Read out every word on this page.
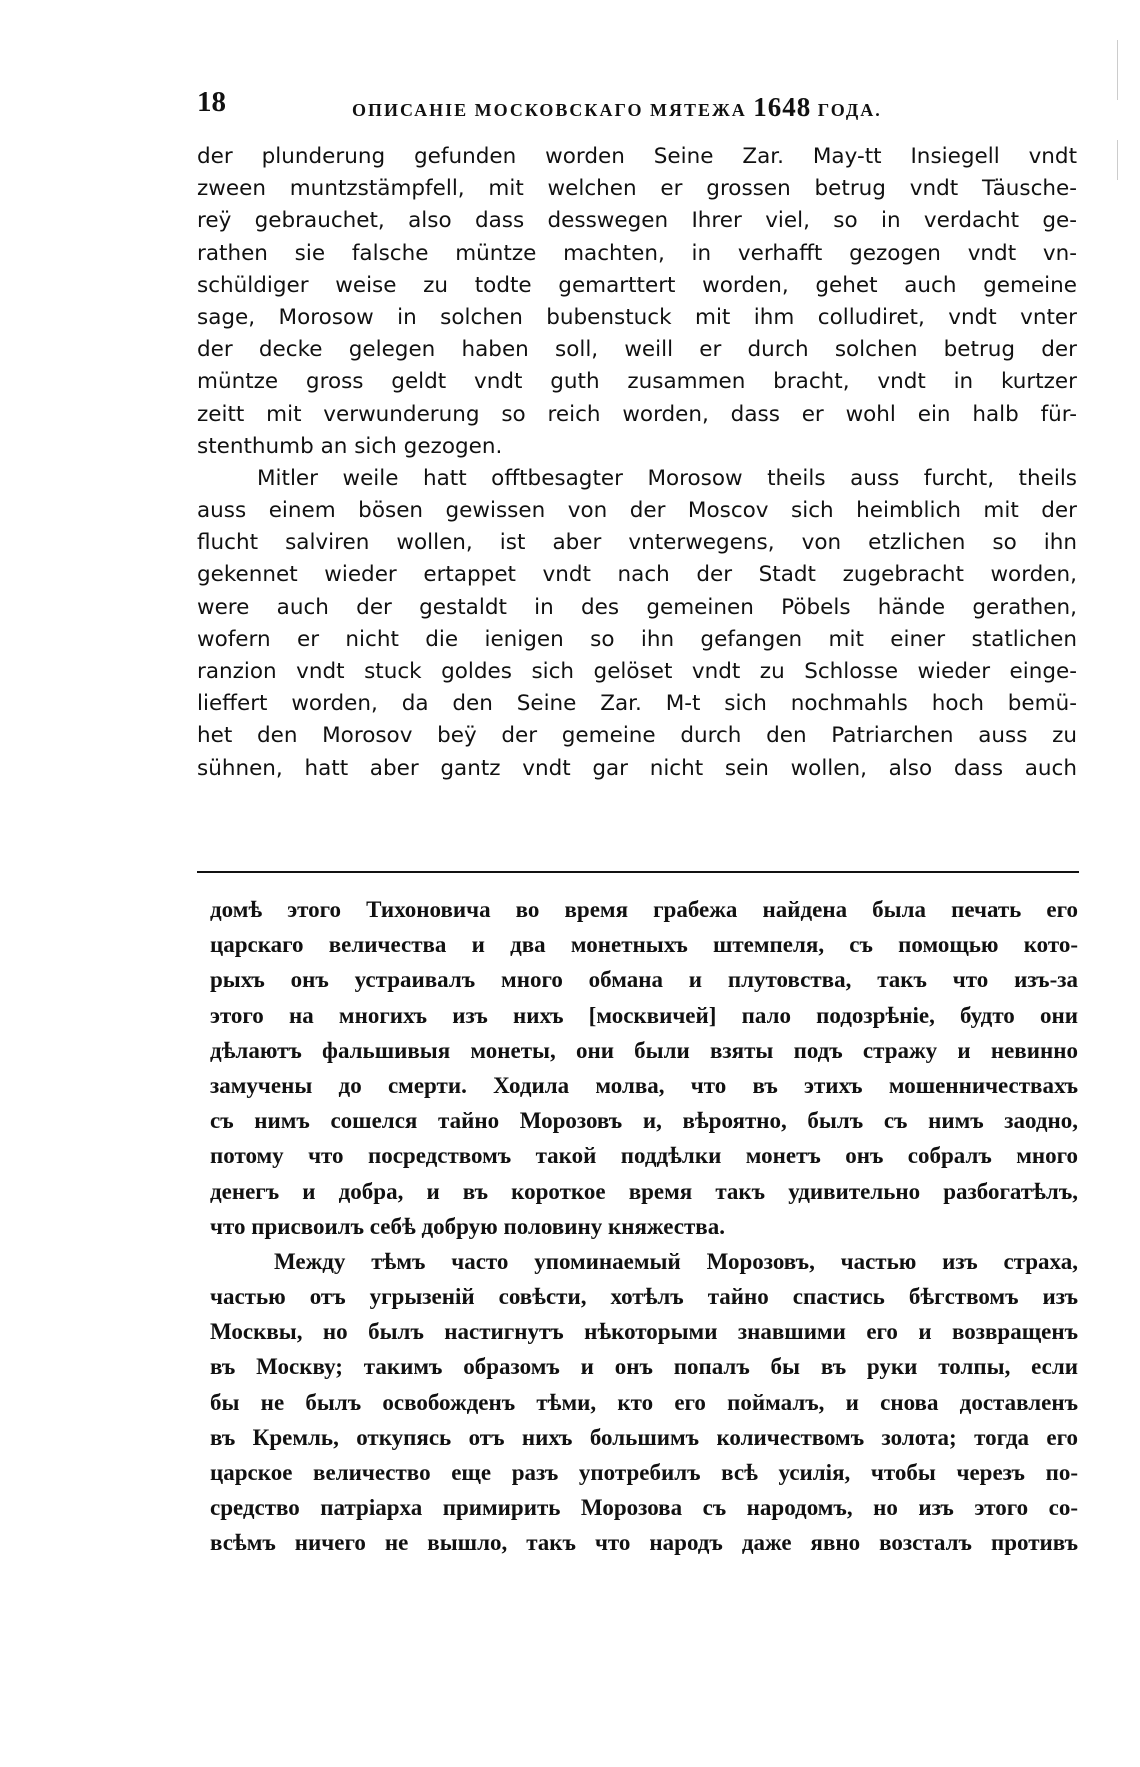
18	ОПИСАНІЕ МОСКОВСКАГО МЯТЕЖА 1648 ГОДА.
der plunderung gefunden worden Seine Zar. May-tt Insiegell vndt
zween muntzstämpfell, mit welchen er grossen betrug vndt Täusche-
reÿ gebrauchet, also dass desswegen Ihrer viel, so in verdacht ge-
rathen sie falsche müntze machten, in verhafft gezogen vndt vn-
schüldiger weise zu todte gemarttert worden, gehet auch gemeine
sage, Morosow in solchen bubenstuck mit ihm colludiret, vndt vnter
der decke gelegen haben soll, weill er durch solchen betrug der
müntze gross geldt vndt guth zusammen bracht, vndt in kurtzer
zeitt mit verwunderung so reich worden, dass er wohl ein halb für-
stenthumb an sich gezogen.
Mitler weile hatt offtbesagter Morosow theils auss furcht, theils
auss einem bösen gewissen von der Moscov sich heimblich mit der
flucht salviren wollen, ist aber vnterwegens, von etzlichen so ihn
gekennet wieder ertappet vndt nach der Stadt zugebracht worden,
were auch der gestaldt in des gemeinen Pöbels hände gerathen,
wofern er nicht die ienigen so ihn gefangen mit einer statlichen
ranzion vndt stuck goldes sich gelöset vndt zu Schlosse wieder einge-
lieffert worden, da den Seine Zar. M-t sich nochmahls hoch bemü-
het den Morosov beÿ der gemeine durch den Patriarchen auss zu
sühnen, hatt aber gantz vndt gar nicht sein wollen, also dass auch
домѣ этого Тихоновича во время грабежа найдена была печать его
царскаго величества и два монетныхъ штемпеля, съ помощью кото-
рыхъ онъ устраивалъ много обмана и плутовства, такъ что изъ-за
этого на многихъ изъ нихъ [москвичей] пало подозрѣніе, будто они
дѣлаютъ фальшивыя монеты, они были взяты подъ стражу и невинно
замучены до смерти. Ходила молва, что въ этихъ мошенничествахъ
съ нимъ сошелся тайно Морозовъ и, вѣроятно, былъ съ нимъ заодно,
потому что посредствомъ такой поддѣлки монетъ онъ собралъ много
денегъ и добра, и въ короткое время такъ удивительно разбогатѣлъ,
что присвоилъ себѣ добрую половину княжества.
Между тѣмъ часто упоминаемый Морозовъ, частью изъ страха,
частью отъ угрызеній совѣсти, хотѣлъ тайно спастись бѣгствомъ изъ
Москвы, но былъ настигнутъ нѣкоторыми знавшими его и возвращенъ
въ Москву; такимъ образомъ и онъ попалъ бы въ руки толпы, если
бы не былъ освобожденъ тѣми, кто его поймалъ, и снова доставленъ
въ Кремль, откупясь отъ нихъ большимъ количествомъ золота; тогда его
царское величество еще разъ употребилъ всѣ усилія, чтобы черезъ по-
средство патріарха примирить Морозова съ народомъ, но изъ этого со-
всѣмъ ничего не вышло, такъ что народъ даже явно возсталъ противъ
